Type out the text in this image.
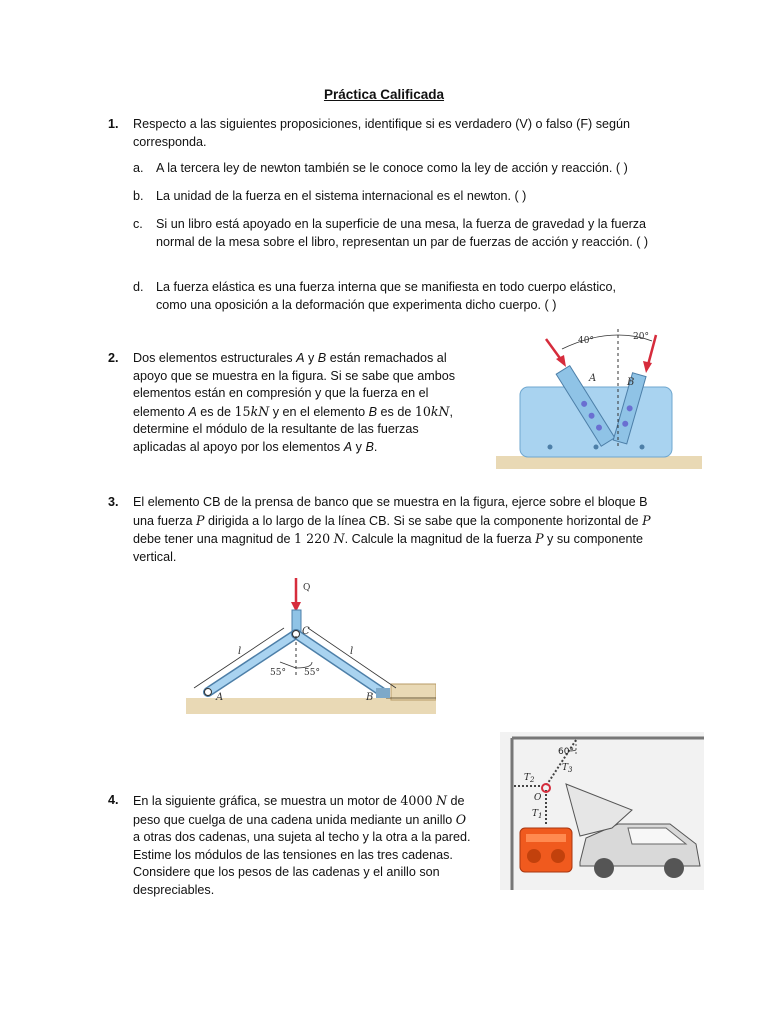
Práctica Calificada
1. Respecto a las siguientes proposiciones, identifique si es verdadero (V) o falso (F) según corresponda.

a. A la tercera ley de newton también se le conoce como la ley de acción y reacción. ( )

b. La unidad de la fuerza en el sistema internacional es el newton. ( )

c. Si un libro está apoyado en la superficie de una mesa, la fuerza de gravedad y la fuerza normal de la mesa sobre el libro, representan un par de fuerzas de acción y reacción. ( )

d. La fuerza elástica es una fuerza interna que se manifiesta en todo cuerpo elástico, como una oposición a la deformación que experimenta dicho cuerpo. ( )

2. Dos elementos estructurales A y B están remachados al apoyo que se muestra en la figura. Si se sabe que ambos elementos están en compresión y que la fuerza en el elemento A es de 15kN y en el elemento B es de 10kN, determine el módulo de la resultante de las fuerzas aplicadas al apoyo por los elementos A y B.

40°	20°
A	B
3. El elemento CB de la prensa de banco que se muestra en la figura, ejerce sobre el bloque B una fuerza P dirigida a lo largo de la línea CB. Si se sabe que la componente horizontal de P debe tener una magnitud de 1 220 N. Calcule la magnitud de la fuerza P y su componente vertical.

Q
C
A	B
l	l
55° 55°
4. En la siguiente gráfica, se muestra un motor de 4000 N de peso que cuelga de una cadena unida mediante un anillo O a otras dos cadenas, una sujeta al techo y la otra a la pared. Estime los módulos de las tensiones en las tres cadenas. Considere que los pesos de las cadenas y el anillo son despreciables.

60°
$T_3$
$T_2$
$T_1$
O
